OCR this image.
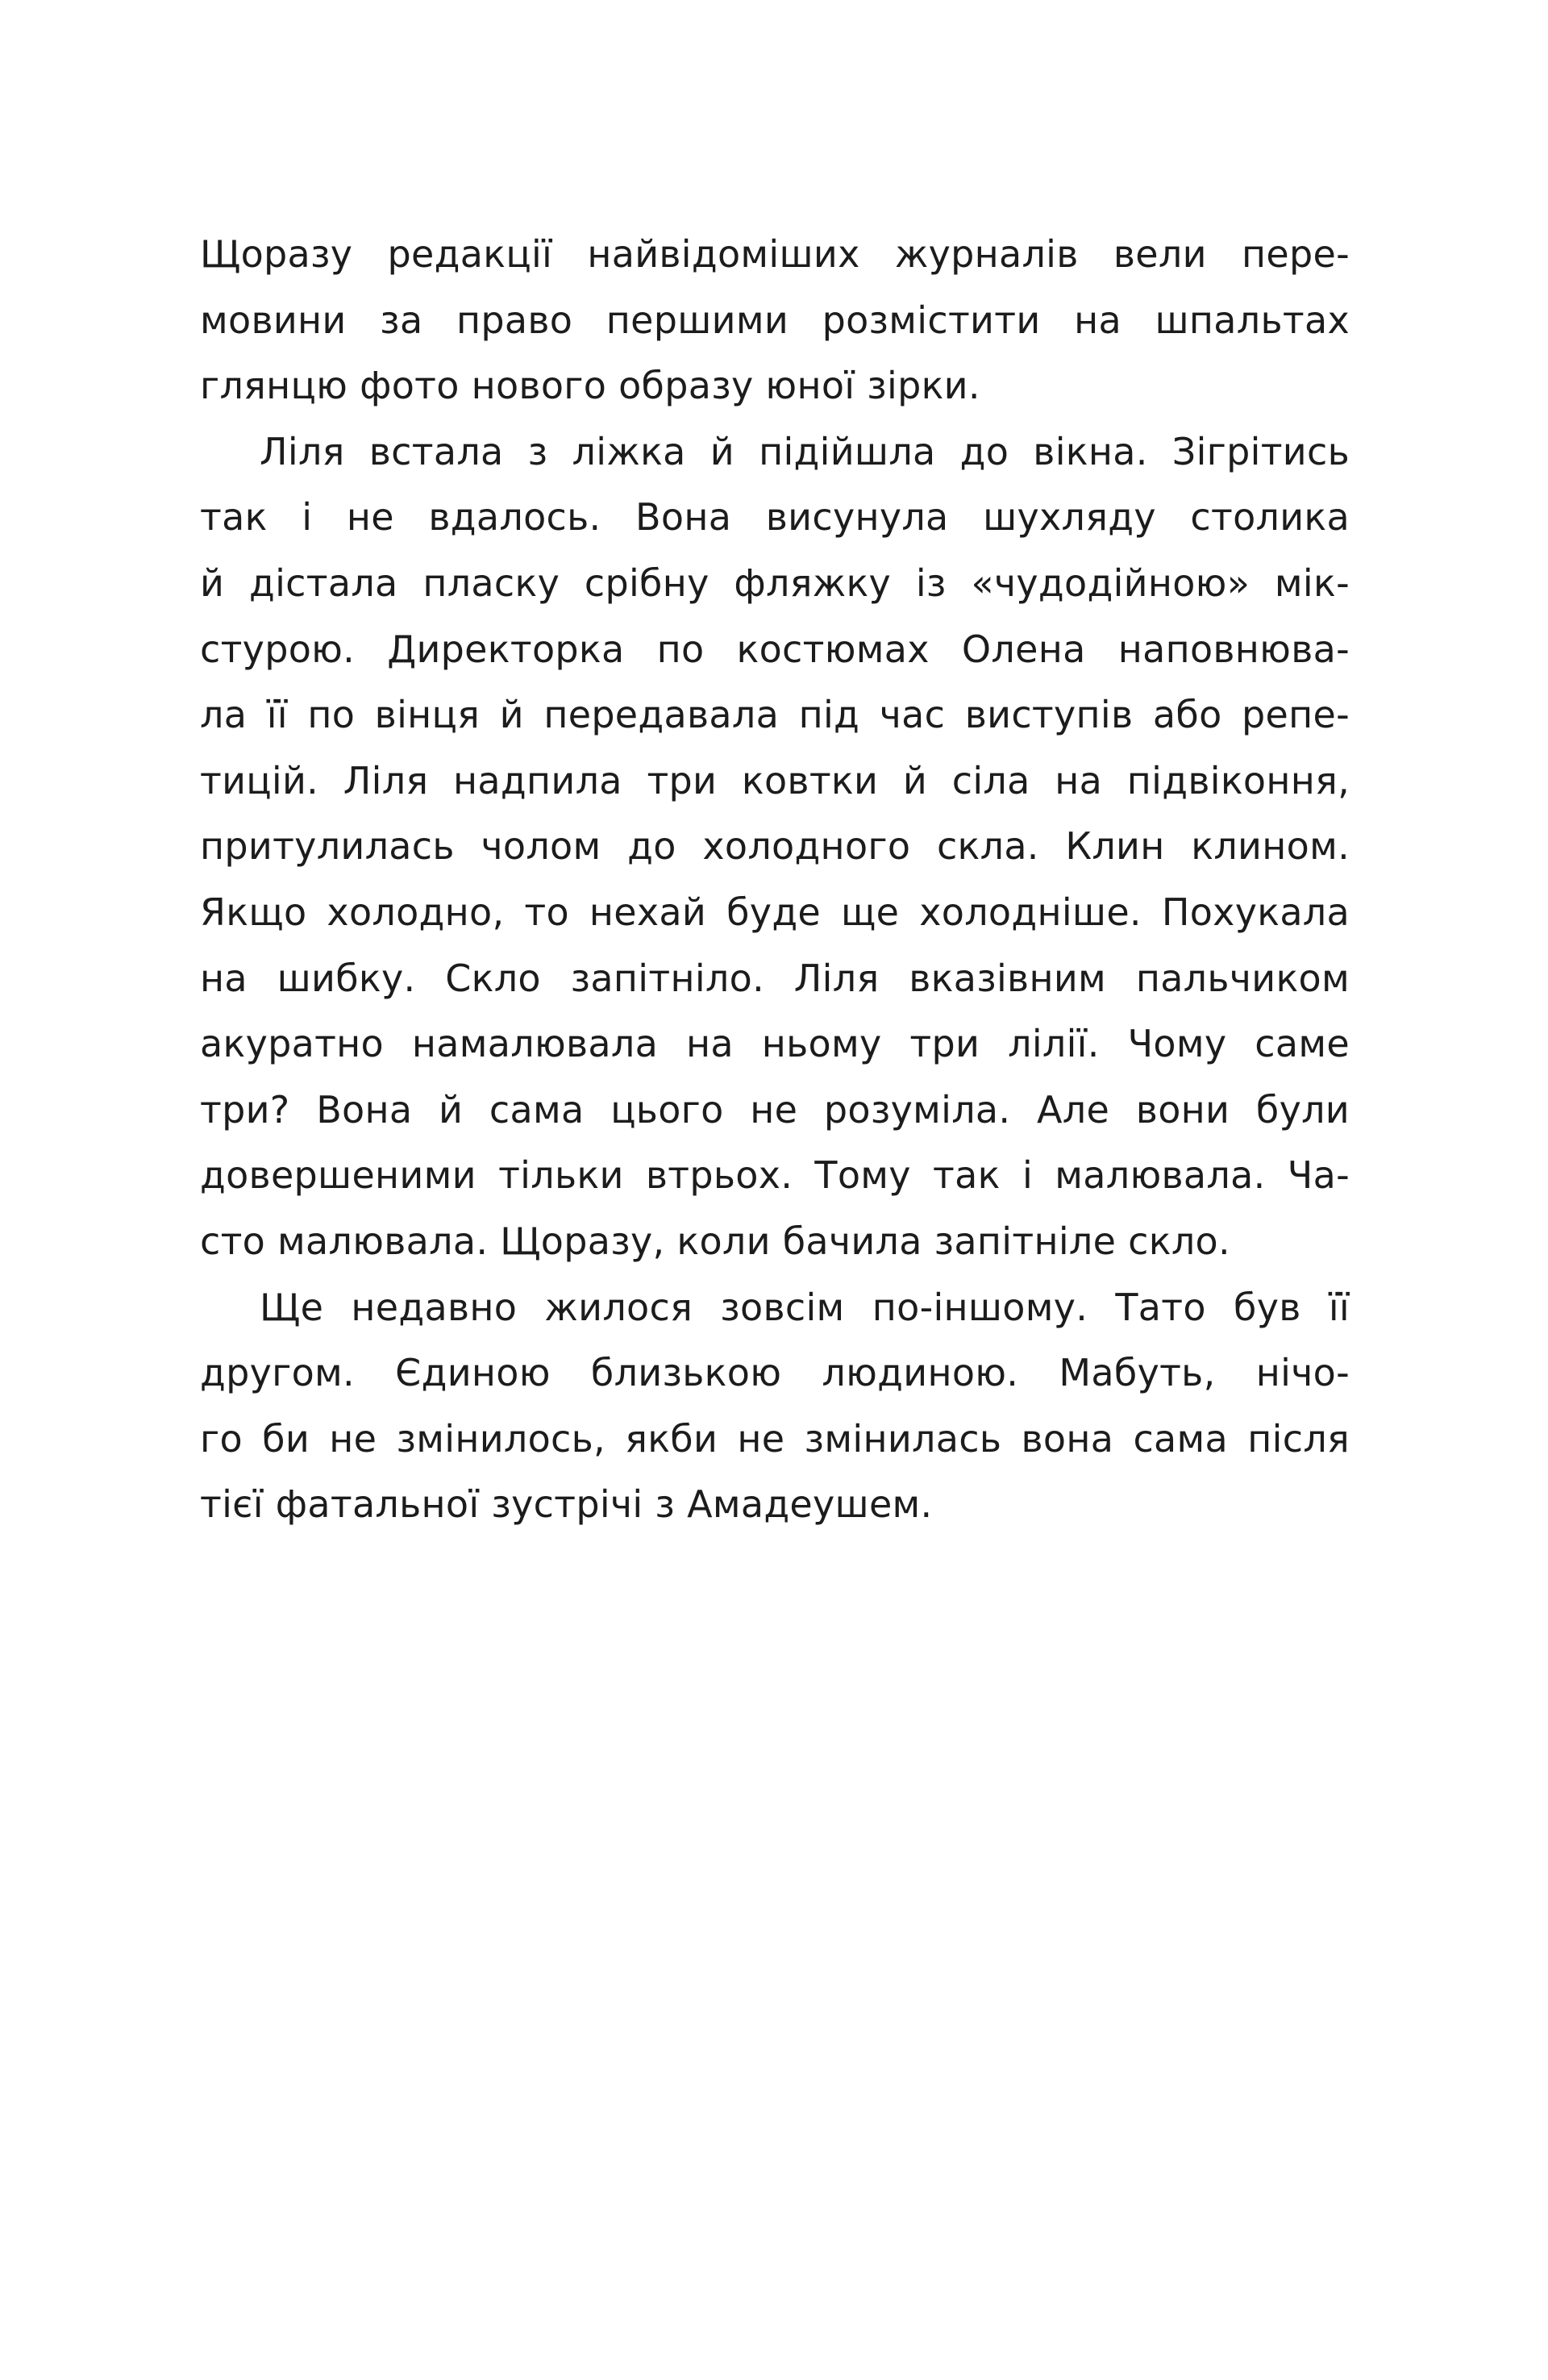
Щоразу редакції найвідоміших журналів вели пере-
мовини за право першими розмістити на шпальтах
глянцю фото нового образу юної зірки.
Ліля встала з ліжка й підійшла до вікна. Зігрітись
так і не вдалось. Вона висунула шухляду столика
й дістала пласку срібну фляжку із «чудодійною» мік-
стурою. Директорка по костюмах Олена наповнюва-
ла її по вінця й передавала під час виступів або репе-
тицій. Ліля надпила три ковтки й сіла на підвіконня,
притулилась чолом до холодного скла. Клин клином.
Якщо холодно, то нехай буде ще холодніше. Похукала
на шибку. Скло запітніло. Ліля вказівним пальчиком
акуратно намалювала на ньому три лілії. Чому саме
три? Вона й сама цього не розуміла. Але вони були
довершеними тільки втрьох. Тому так і малювала. Ча-
сто малювала. Щоразу, коли бачила запітніле скло.
Ще недавно жилося зовсім по-іншому. Тато був її
другом. Єдиною близькою людиною. Мабуть, нічо-
го би не змінилось, якби не змінилась вона сама після
тієї фатальної зустрічі з Амадеушем.
